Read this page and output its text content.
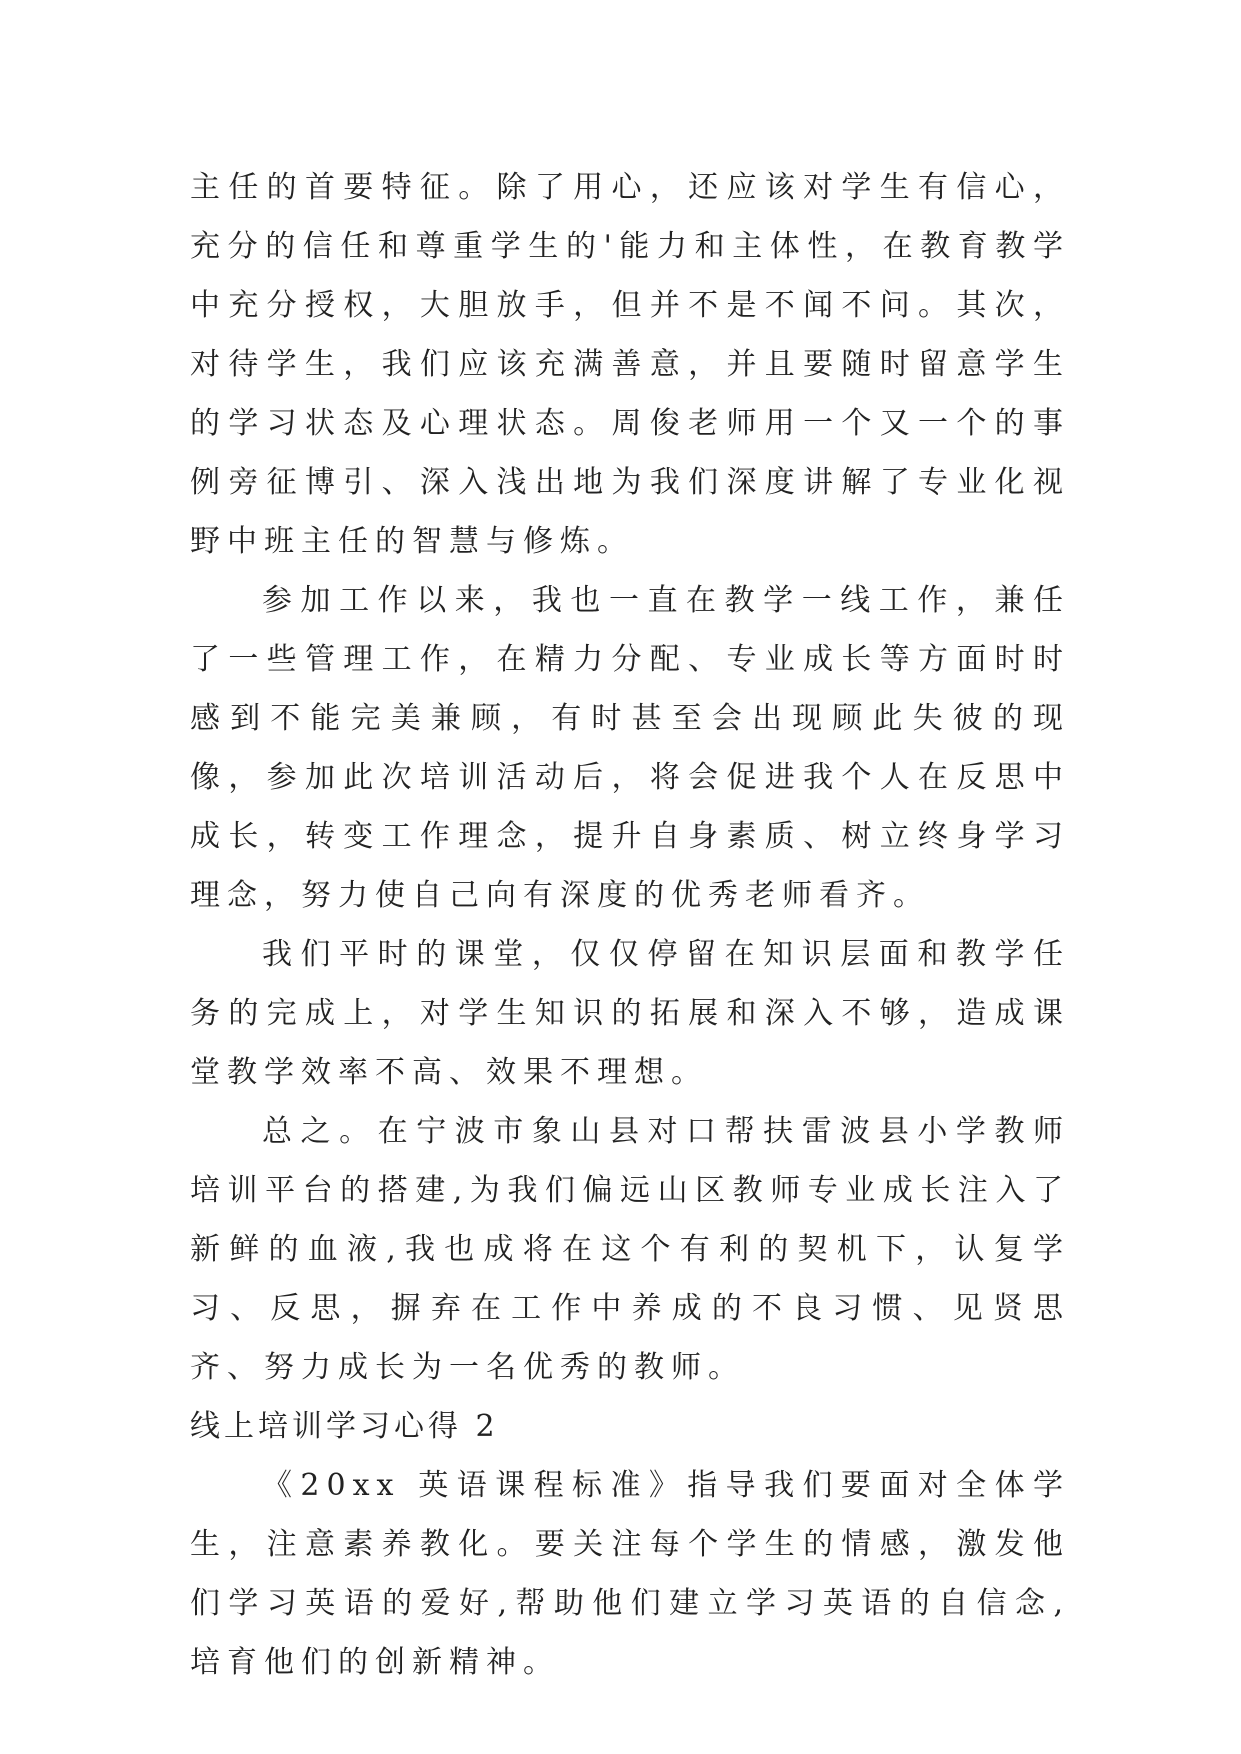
主任的首要特征。除了用心，还应该对学生有信心，充分的信任和尊重学生的'能力和主体性，在教育教学中充分授权，大胆放手，但并不是不闻不问。其次，对待学生，我们应该充满善意，并且要随时留意学生的学习状态及心理状态。周俊老师用一个又一个的事例旁征博引、深入浅出地为我们深度讲解了专业化视野中班主任的智慧与修炼。

参加工作以来，我也一直在教学一线工作，兼任了一些管理工作，在精力分配、专业成长等方面时时感到不能完美兼顾，有时甚至会出现顾此失彼的现像，参加此次培训活动后，将会促进我个人在反思中成长，转变工作理念，提升自身素质、树立终身学习理念，努力使自己向有深度的优秀老师看齐。

我们平时的课堂，仅仅停留在知识层面和教学任务的完成上，对学生知识的拓展和深入不够，造成课堂教学效率不高、效果不理想。

总之。在宁波市象山县对口帮扶雷波县小学教师培训平台的搭建,为我们偏远山区教师专业成长注入了新鲜的血液,我也成将在这个有利的契机下，认复学习、反思，摒弃在工作中养成的不良习惯、见贤思齐、努力成长为一名优秀的教师。

线上培训学习心得 2

《20xx 英语课程标准》指导我们要面对全体学生，注意素养教化。要关注每个学生的情感，激发他们学习英语的爱好,帮助他们建立学习英语的自信念,培育他们的创新精神。
